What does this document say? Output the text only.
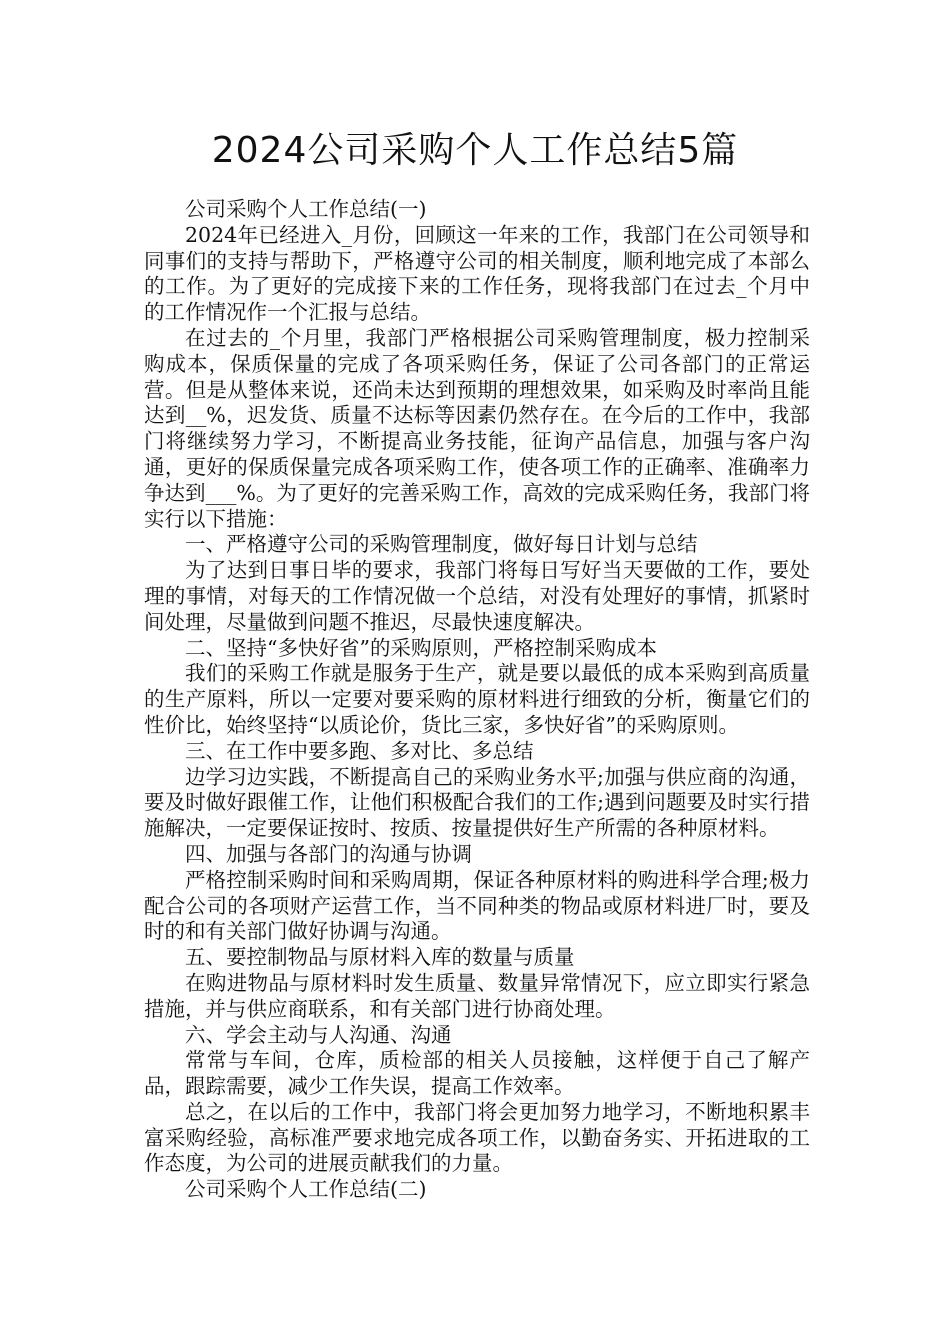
2024公司采购个人工作总结5篇

公司采购个人工作总结(一)

2024年已经进入_月份，回顾这一年来的工作，我部门在公司领导和同事们的支持与帮助下，严格遵守公司的相关制度，顺利地完成了本部么的工作。为了更好的完成接下来的工作任务，现将我部门在过去_个月中的工作情况作一个汇报与总结。

在过去的_个月里，我部门严格根据公司采购管理制度，极力控制采购成本，保质保量的完成了各项采购任务，保证了公司各部门的正常运营。但是从整体来说，还尚未达到预期的理想效果，如采购及时率尚且能达到__%，迟发货、质量不达标等因素仍然存在。在今后的工作中，我部门将继续努力学习，不断提高业务技能，征询产品信息，加强与客户沟通，更好的保质保量完成各项采购工作，使各项工作的正确率、准确率力争达到___%。为了更好的完善采购工作，高效的完成采购任务，我部门将实行以下措施：

一、严格遵守公司的采购管理制度，做好每日计划与总结

为了达到日事日毕的要求，我部门将每日写好当天要做的工作，要处理的事情，对每天的工作情况做一个总结，对没有处理好的事情，抓紧时间处理，尽量做到问题不推迟，尽最快速度解决。

二、坚持“多快好省”的采购原则，严格控制采购成本

我们的采购工作就是服务于生产，就是要以最低的成本采购到高质量的生产原料，所以一定要对要采购的原材料进行细致的分析，衡量它们的性价比，始终坚持“以质论价，货比三家，多快好省”的采购原则。

三、在工作中要多跑、多对比、多总结

边学习边实践，不断提高自己的采购业务水平;加强与供应商的沟通，要及时做好跟催工作，让他们积极配合我们的工作;遇到问题要及时实行措施解决，一定要保证按时、按质、按量提供好生产所需的各种原材料。

四、加强与各部门的沟通与协调

严格控制采购时间和采购周期，保证各种原材料的购进科学合理;极力配合公司的各项财产运营工作，当不同种类的物品或原材料进厂时，要及时的和有关部门做好协调与沟通。

五、要控制物品与原材料入库的数量与质量

在购进物品与原材料时发生质量、数量异常情况下，应立即实行紧急措施，并与供应商联系，和有关部门进行协商处理。

六、学会主动与人沟通、沟通

常常与车间，仓库，质检部的相关人员接触，这样便于自己了解产品，跟踪需要，减少工作失误，提高工作效率。

总之，在以后的工作中，我部门将会更加努力地学习，不断地积累丰富采购经验，高标准严要求地完成各项工作，以勤奋务实、开拓进取的工作态度，为公司的进展贡献我们的力量。

公司采购个人工作总结(二)
